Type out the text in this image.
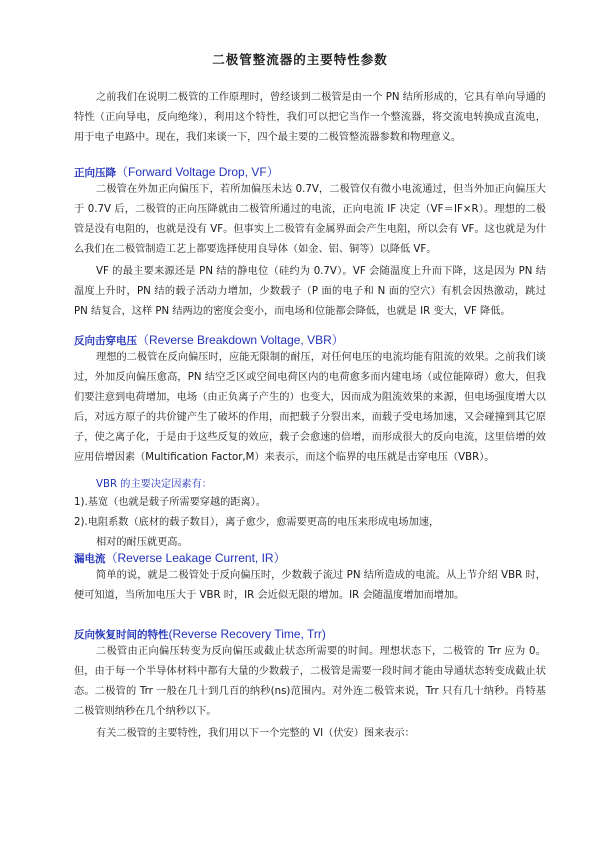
二极管整流器的主要特性参数

之前我们在说明二极管的工作原理时，曾经谈到二极管是由一个 PN 结所形成的，它具有单向导通的特性（正向导电，反向绝缘），利用这个特性，我们可以把它当作一个整流器，将交流电转换成直流电，用于电子电路中。现在，我们来谈一下，四个最主要的二极管整流器参数和物理意义。

正向压降（Forward Voltage Drop, VF）

二极管在外加正向偏压下，若所加偏压未达 0.7V，二极管仅有微小电流通过，但当外加正向偏压大于 0.7V 后，二极管的正向压降就由二极管所通过的电流，正向电流 IF 决定（VF＝IF×R）。理想的二极管是没有电阻的，也就是没有 VF。但事实上二极管有金属界面会产生电阻，所以会有 VF。这也就是为什么我们在二极管制造工艺上都要选择使用良导体（如金、铝、铜等）以降低 VF。

VF 的最主要来源还是 PN 结的静电位（硅约为 0.7V）。VF 会随温度上升而下降，这是因为 PN 结温度上升时，PN 结的载子活动力增加，少数载子（P 面的电子和 N 面的空穴）有机会因热激动，跳过 PN 结复合，这样 PN 结两边的密度会变小，而电场和位能都会降低，也就是 IR 变大，VF 降低。

反向击穿电压（Reverse Breakdown Voltage, VBR）

理想的二极管在反向偏压时，应能无限制的耐压，对任何电压的电流均能有阻流的效果。之前我们谈过，外加反向偏压愈高，PN 结空乏区或空间电荷区内的电荷愈多而内建电场（或位能障碍）愈大，但我们要注意到电荷增加，电场（由正负离子产生的）也变大，因而成为阻流效果的来源，但电场强度增大以后，对远方原子的共价键产生了破坏的作用，而把载子分裂出来，而载子受电场加速，又会碰撞到其它原子，使之离子化，于是由于这些反复的效应，载子会愈速的倍增，而形成很大的反向电流，这里倍增的效应用倍增因素（Multification Factor,M）来表示，而这个临界的电压就是击穿电压（VBR）。

VBR 的主要决定因素有：
1).基宽（也就是载子所需要穿越的距离）。
2).电阻系数（底材的载子数目），离子愈少，愈需要更高的电压来形成电场加速，
相对的耐压就更高。
漏电流（Reverse Leakage Current, IR）

简单的说，就是二极管处于反向偏压时，少数载子流过 PN 结所造成的电流。从上节介绍 VBR 时，便可知道，当所加电压大于 VBR 时，IR 会近似无限的增加。IR 会随温度增加而增加。

反向恢复时间的特性(Reverse Recovery Time, Trr)

二极管由正向偏压转变为反向偏压或截止状态所需要的时间。理想状态下，二极管的 Trr 应为 0。但，由于每一个半导体材料中都有大量的少数载子，二极管是需要一段时间才能由导通状态转变成截止状态。二极管的 Trr 一般在几十到几百的纳秒(ns)范围内。对外连二极管来说，Trr 只有几十纳秒。肖特基二极管则纳秒在几个纳秒以下。

有关二极管的主要特性，我们用以下一个完整的 VI（伏安）图来表示：
